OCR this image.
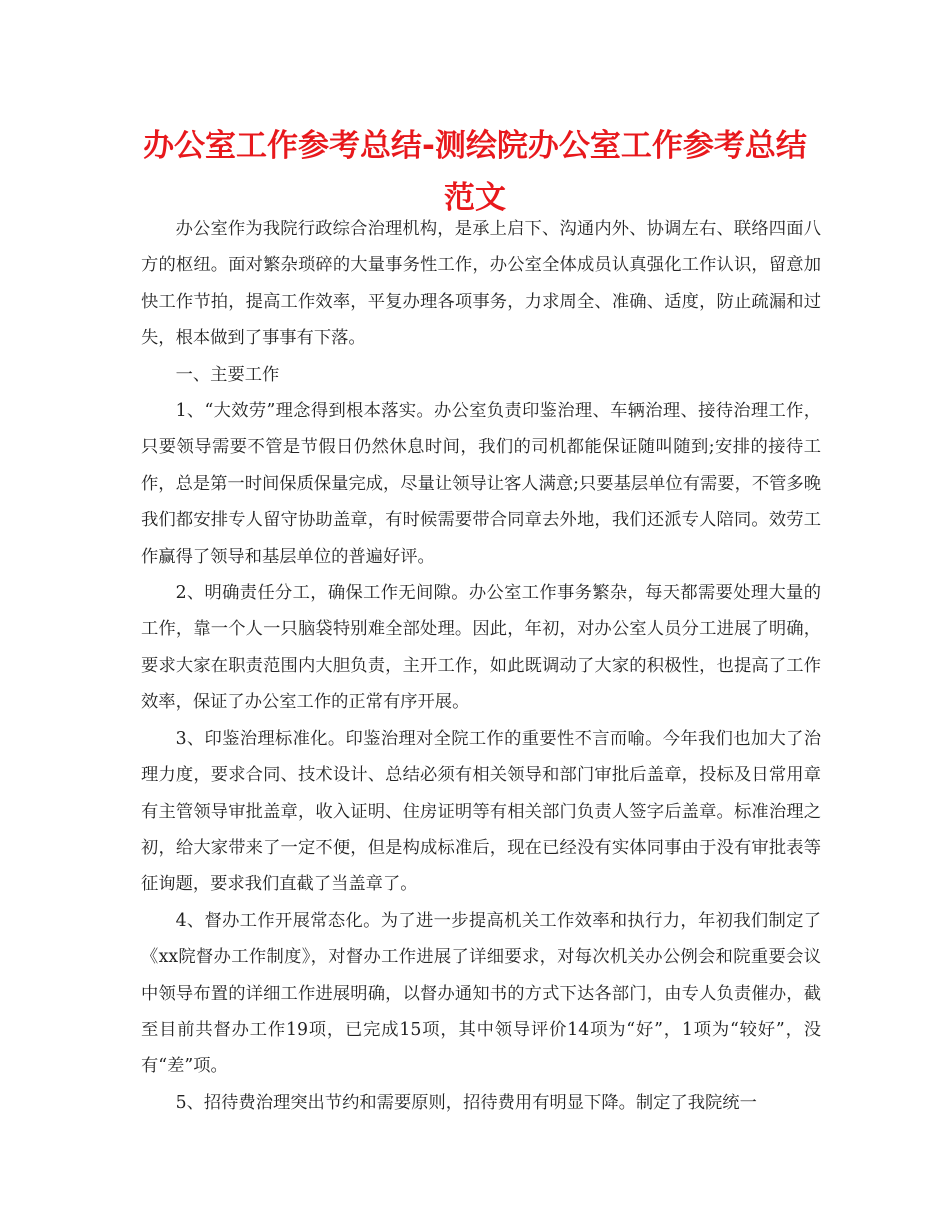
办公室工作参考总结-测绘院办公室工作参考总结范文

办公室作为我院行政综合治理机构，是承上启下、沟通内外、协调左右、联络四面八方的枢纽。面对繁杂琐碎的大量事务性工作，办公室全体成员认真强化工作认识，留意加快工作节拍，提高工作效率，平复办理各项事务，力求周全、准确、适度，防止疏漏和过失，根本做到了事事有下落。

一、主要工作

1、“大效劳”理念得到根本落实。办公室负责印鉴治理、车辆治理、接待治理工作，只要领导需要不管是节假日仍然休息时间，我们的司机都能保证随叫随到;安排的接待工作，总是第一时间保质保量完成，尽量让领导让客人满意;只要基层单位有需要，不管多晚我们都安排专人留守协助盖章，有时候需要带合同章去外地，我们还派专人陪同。效劳工作赢得了领导和基层单位的普遍好评。

2、明确责任分工，确保工作无间隙。办公室工作事务繁杂，每天都需要处理大量的工作，靠一个人一只脑袋特别难全部处理。因此，年初，对办公室人员分工进展了明确，要求大家在职责范围内大胆负责，主开工作，如此既调动了大家的积极性，也提高了工作效率，保证了办公室工作的正常有序开展。

3、印鉴治理标准化。印鉴治理对全院工作的重要性不言而喻。今年我们也加大了治理力度，要求合同、技术设计、总结必须有相关领导和部门审批后盖章，投标及日常用章有主管领导审批盖章，收入证明、住房证明等有相关部门负责人签字后盖章。标准治理之初，给大家带来了一定不便，但是构成标准后，现在已经没有实体同事由于没有审批表等征询题，要求我们直截了当盖章了。

4、督办工作开展常态化。为了进一步提高机关工作效率和执行力，年初我们制定了《xx院督办工作制度》，对督办工作进展了详细要求，对每次机关办公例会和院重要会议中领导布置的详细工作进展明确，以督办通知书的方式下达各部门，由专人负责催办，截至目前共督办工作19项，已完成15项，其中领导评价14项为“好”，1项为“较好”，没有“差”项。

5、招待费治理突出节约和需要原则，招待费用有明显下降。制定了我院统一
